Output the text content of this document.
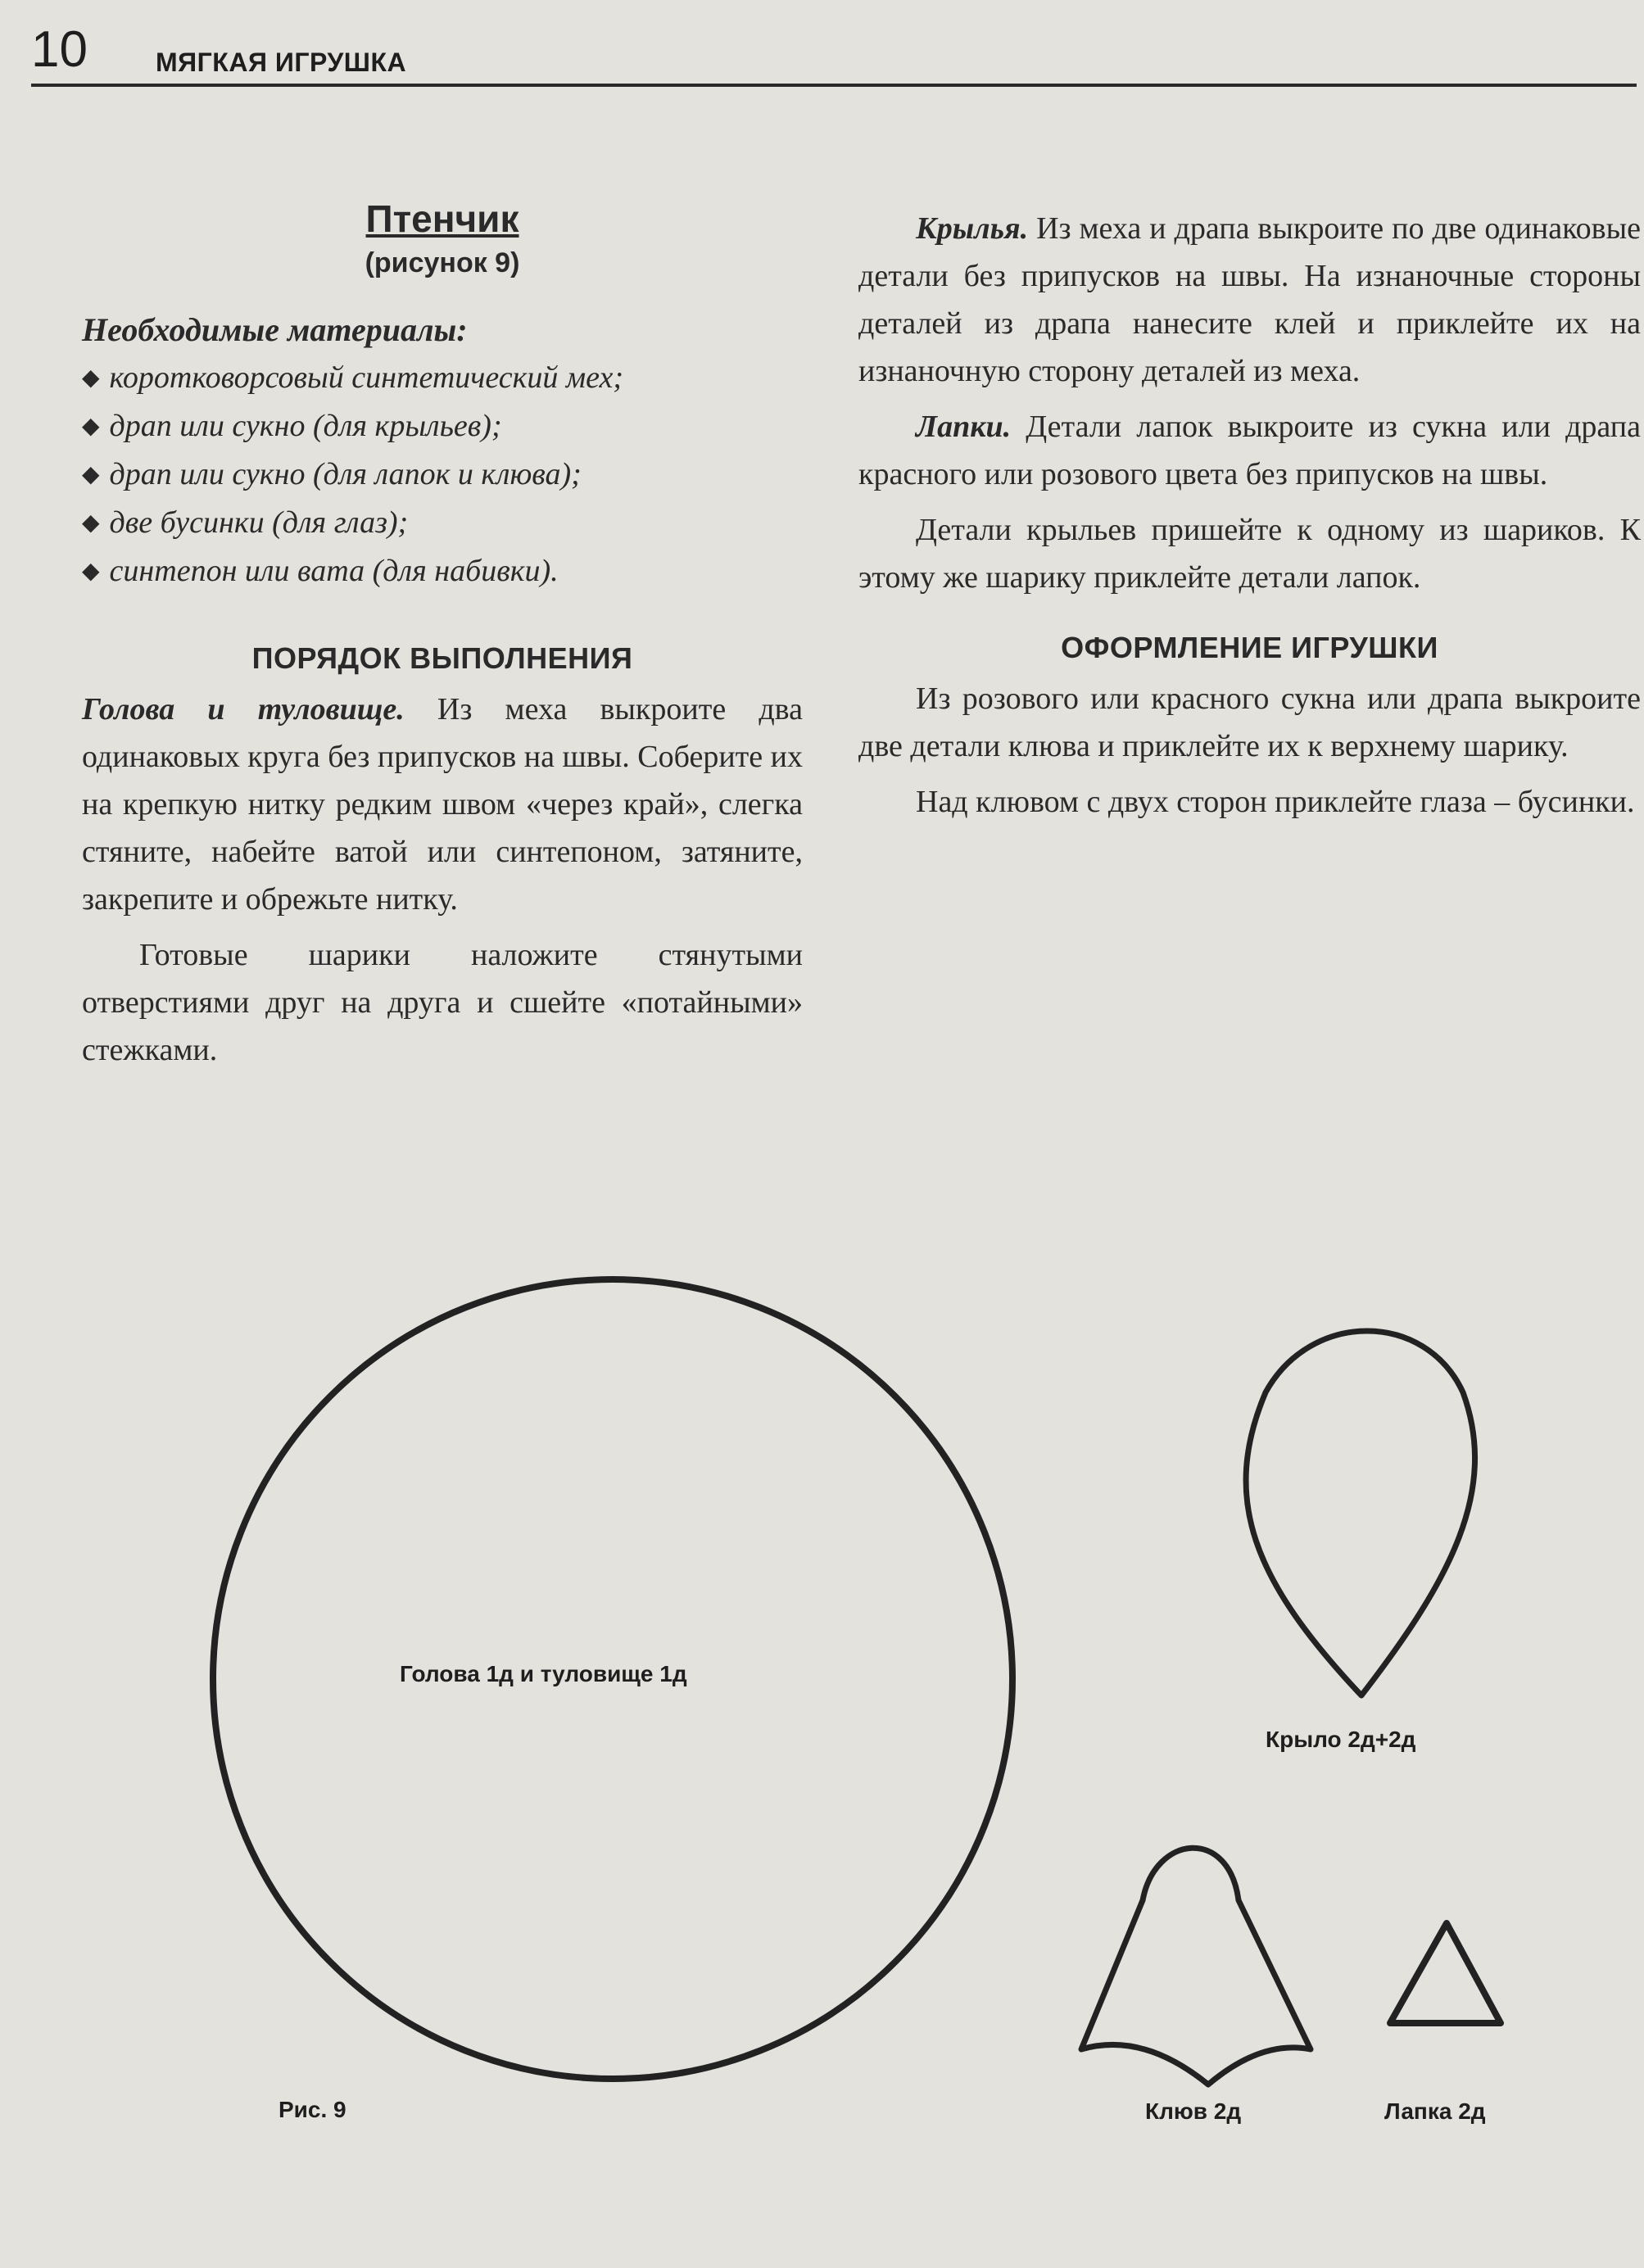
10	МЯГКАЯ ИГРУШКА
Птенчик
(рисунок 9)
Необходимые материалы:
◆ коротковорсовый синтетический мех;
◆ драп или сукно (для крыльев);
◆ драп или сукно (для лапок и клюва);
◆ две бусинки (для глаз);
◆ синтепон или вата (для набивки).
ПОРЯДОК ВЫПОЛНЕНИЯ

Голова и туловище. Из меха выкроите два одинаковых круга без припусков на швы. Соберите их на крепкую нитку редким швом «через край», слегка стяните, набейте ватой или синтепоном, затяните, закрепите и обрежьте нитку.

Готовые шарики наложите стянутыми отверстиями друг на друга и сшейте «потайными» стежками.

Крылья. Из меха и драпа выкроите по две одинаковые детали без припусков на швы. На изнаночные стороны деталей из драпа нанесите клей и приклейте их на изнаночную сторону деталей из меха.

Лапки. Детали лапок выкроите из сукна или драпа красного или розового цвета без припусков на швы.

Детали крыльев пришейте к одному из шариков. К этому же шарику приклейте детали лапок.

ОФОРМЛЕНИЕ ИГРУШКИ

Из розового или красного сукна или драпа выкроите две детали клюва и приклейте их к верхнему шарику.

Над клювом с двух сторон приклейте глаза – бусинки.

Голова 1д и туловище 1д
Крыло 2д+2д
Клюв 2д	Лапка 2д
Рис. 9
